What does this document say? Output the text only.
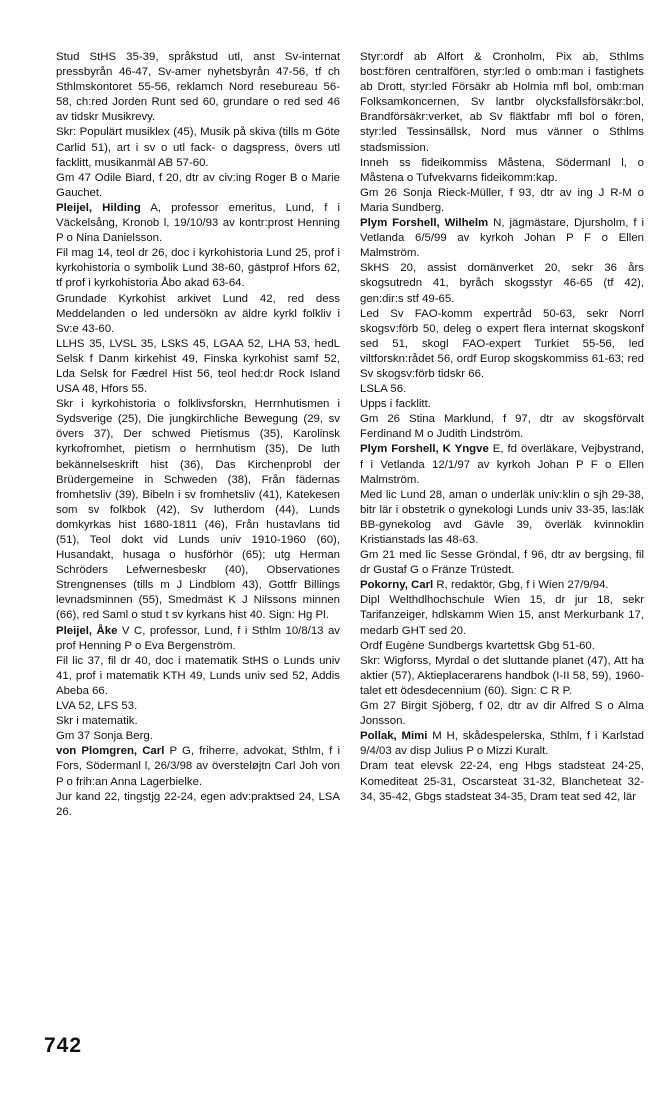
Stud StHS 35-39, språkstud utl, anst Sv-internat pressbyrån 46-47, Sv-amer nyhetsbyrån 47-56, tf ch Sthlmskontoret 55-56, reklamch Nord resebureau 56-58, ch:red Jorden Runt sed 60, grundare o red sed 46 av tidskr Musikrevy.

Skr: Populärt musiklex (45), Musik på skiva (tills m Göte Carlid 51), art i sv o utl fack- o dagspress, övers utl facklitt, musikanmäl AB 57-60.

Gm 47 Odile Biard, f 20, dtr av civ:ing Roger B o Marie Gauchet.

Pleijel, Hilding A, professor emeritus, Lund, f i Väckelsång, Kronob l, 19/10/93 av kontr:prost Henning P o Nina Danielsson.

Fil mag 14, teol dr 26, doc i kyrkohistoria Lund 25, prof i kyrkohistoria o symbolik Lund 38-60, gästprof Hfors 62, tf prof i kyrkohistoria Åbo akad 63-64.

Grundade Kyrkohist arkivet Lund 42, red dess Meddelanden o led undersökn av äldre kyrkl folkliv i Sv:e 43-60.

LLHS 35, LVSL 35, LSkS 45, LGAA 52, LHA 53, hedL Selsk f Danm kirkehist 49, Finska kyrkohist samf 52, Lda Selsk for Fædrel Hist 56, teol hed:dr Rock Island USA 48, Hfors 55.

Skr i kyrkohistoria o folklivsforskn, Herrnhutismen i Sydsverige (25), Die jungkirchliche Bewegung (29, sv övers 37), Der schwed Pietismus (35), Karolinsk kyrkofromhet, pietism o herrnhutism (35), De luth bekännelseskrift hist (36), Das Kirchenprobl der Brüdergemeine in Schweden (38), Från fädernas fromhetsliv (39), Bibeln i sv fromhetsliv (41), Katekesen som sv folkbok (42), Sv lutherdom (44), Lunds domkyrkas hist 1680-1811 (46), Från hustavlans tid (51), Teol dokt vid Lunds univ 1910-1960 (60), Husandakt, husaga o husförhör (65); utg Herman Schröders Lefwernesbeskr (40), Observationes Strengnenses (tills m J Lindblom 43), Gottfr Billings levnadsminnen (55), Smedmäst K J Nilssons minnen (66), red Saml o stud t sv kyrkans hist 40. Sign: Hg Pl.

Pleijel, Åke V C, professor, Lund, f i Sthlm 10/8/13 av prof Henning P o Eva Bergenström.

Fil lic 37, fil dr 40, doc i matematik StHS o Lunds univ 41, prof i matematik KTH 49, Lunds univ sed 52, Addis Abeba 66.

LVA 52, LFS 53.

Skr i matematik.

Gm 37 Sonja Berg.

von Plomgren, Carl P G, friherre, advokat, Sthlm, f i Fors, Södermanl l, 26/3/98 av översteløjtn Carl Joh von P o frih:an Anna Lagerbielke.

Jur kand 22, tingstjg 22-24, egen adv:praktsed 24, LSA 26.

Styr:ordf ab Alfort & Cronholm, Pix ab, Sthlms bost:fören centralfören, styr:led o omb:man i fastighets ab Drott, styr:led Försäkr ab Holmia mfl bol, omb:man Folksamkoncernen, Sv lantbr olycksfallsförsäkr:bol, Brandförsäkr:verket, ab Sv fläktfabr mfl bol o fören, styr:led Tessinsällsk, Nord mus vänner o Sthlms stadsmission.

Inneh ss fideikommiss Måstena, Södermanl l, o Måstena o Tufvekvarns fideikomm:kap.

Gm 26 Sonja Rieck-Müller, f 93, dtr av ing J R-M o Maria Sundberg.

Plym Forshell, Wilhelm N, jägmästare, Djursholm, f i Vetlanda 6/5/99 av kyrkoh Johan P F o Ellen Malmström.

SkHS 20, assist domänverket 20, sekr 36 års skogsutredn 41, byråch skogsstyr 46-65 (tf 42), gen:dir:s stf 49-65.

Led Sv FAO-komm expertråd 50-63, sekr Norrl skogsv:förb 50, deleg o expert flera internat skogskonf sed 51, skogl FAO-expert Turkiet 55-56, led viltforskn:rådet 56, ordf Europ skogskommiss 61-63; red Sv skogsv:förb tidskr 66.

LSLA 56.

Upps i facklitt.

Gm 26 Stina Marklund, f 97, dtr av skogsförvalt Ferdinand M o Judith Lindström.

Plym Forshell, K Yngve E, fd överläkare, Vejbystrand, f i Vetlanda 12/1/97 av kyrkoh Johan P F o Ellen Malmström.

Med lic Lund 28, aman o underläk univ:klin o sjh 29-38, bitr lär i obstetrik o gynekologi Lunds univ 33-35, las:läk BB-gynekolog avd Gävle 39, överläk kvinnoklin Kristianstads las 48-63.

Gm 21 med lic Sesse Gröndal, f 96, dtr av bergsing, fil dr Gustaf G o Fränze Trüstedt.

Pokorny, Carl R, redaktör, Gbg, f i Wien 27/9/94.

Dipl Welthdlhochschule Wien 15, dr jur 18, sekr Tarifanzeiger, hdlskamm Wien 15, anst Merkurbank 17, medarb GHT sed 20.

Ordf Eugène Sundbergs kvartettsk Gbg 51-60.

Skr: Wigforss, Myrdal o det sluttande planet (47), Att ha aktier (57), Aktieplacerarens handbok (I-II 58, 59), 1960-talet ett ödesdecennium (60). Sign: C R P.

Gm 27 Birgit Sjöberg, f 02, dtr av dir Alfred S o Alma Jonsson.

Pollak, Mimi M H, skådespelerska, Sthlm, f i Karlstad 9/4/03 av disp Julius P o Mizzi Kuralt.

Dram teat elevsk 22-24, eng Hbgs stadsteat 24-25, Komediteat 25-31, Oscarsteat 31-32, Blancheteat 32-34, 35-42, Gbgs stadsteat 34-35, Dram teat sed 42, lär

742
